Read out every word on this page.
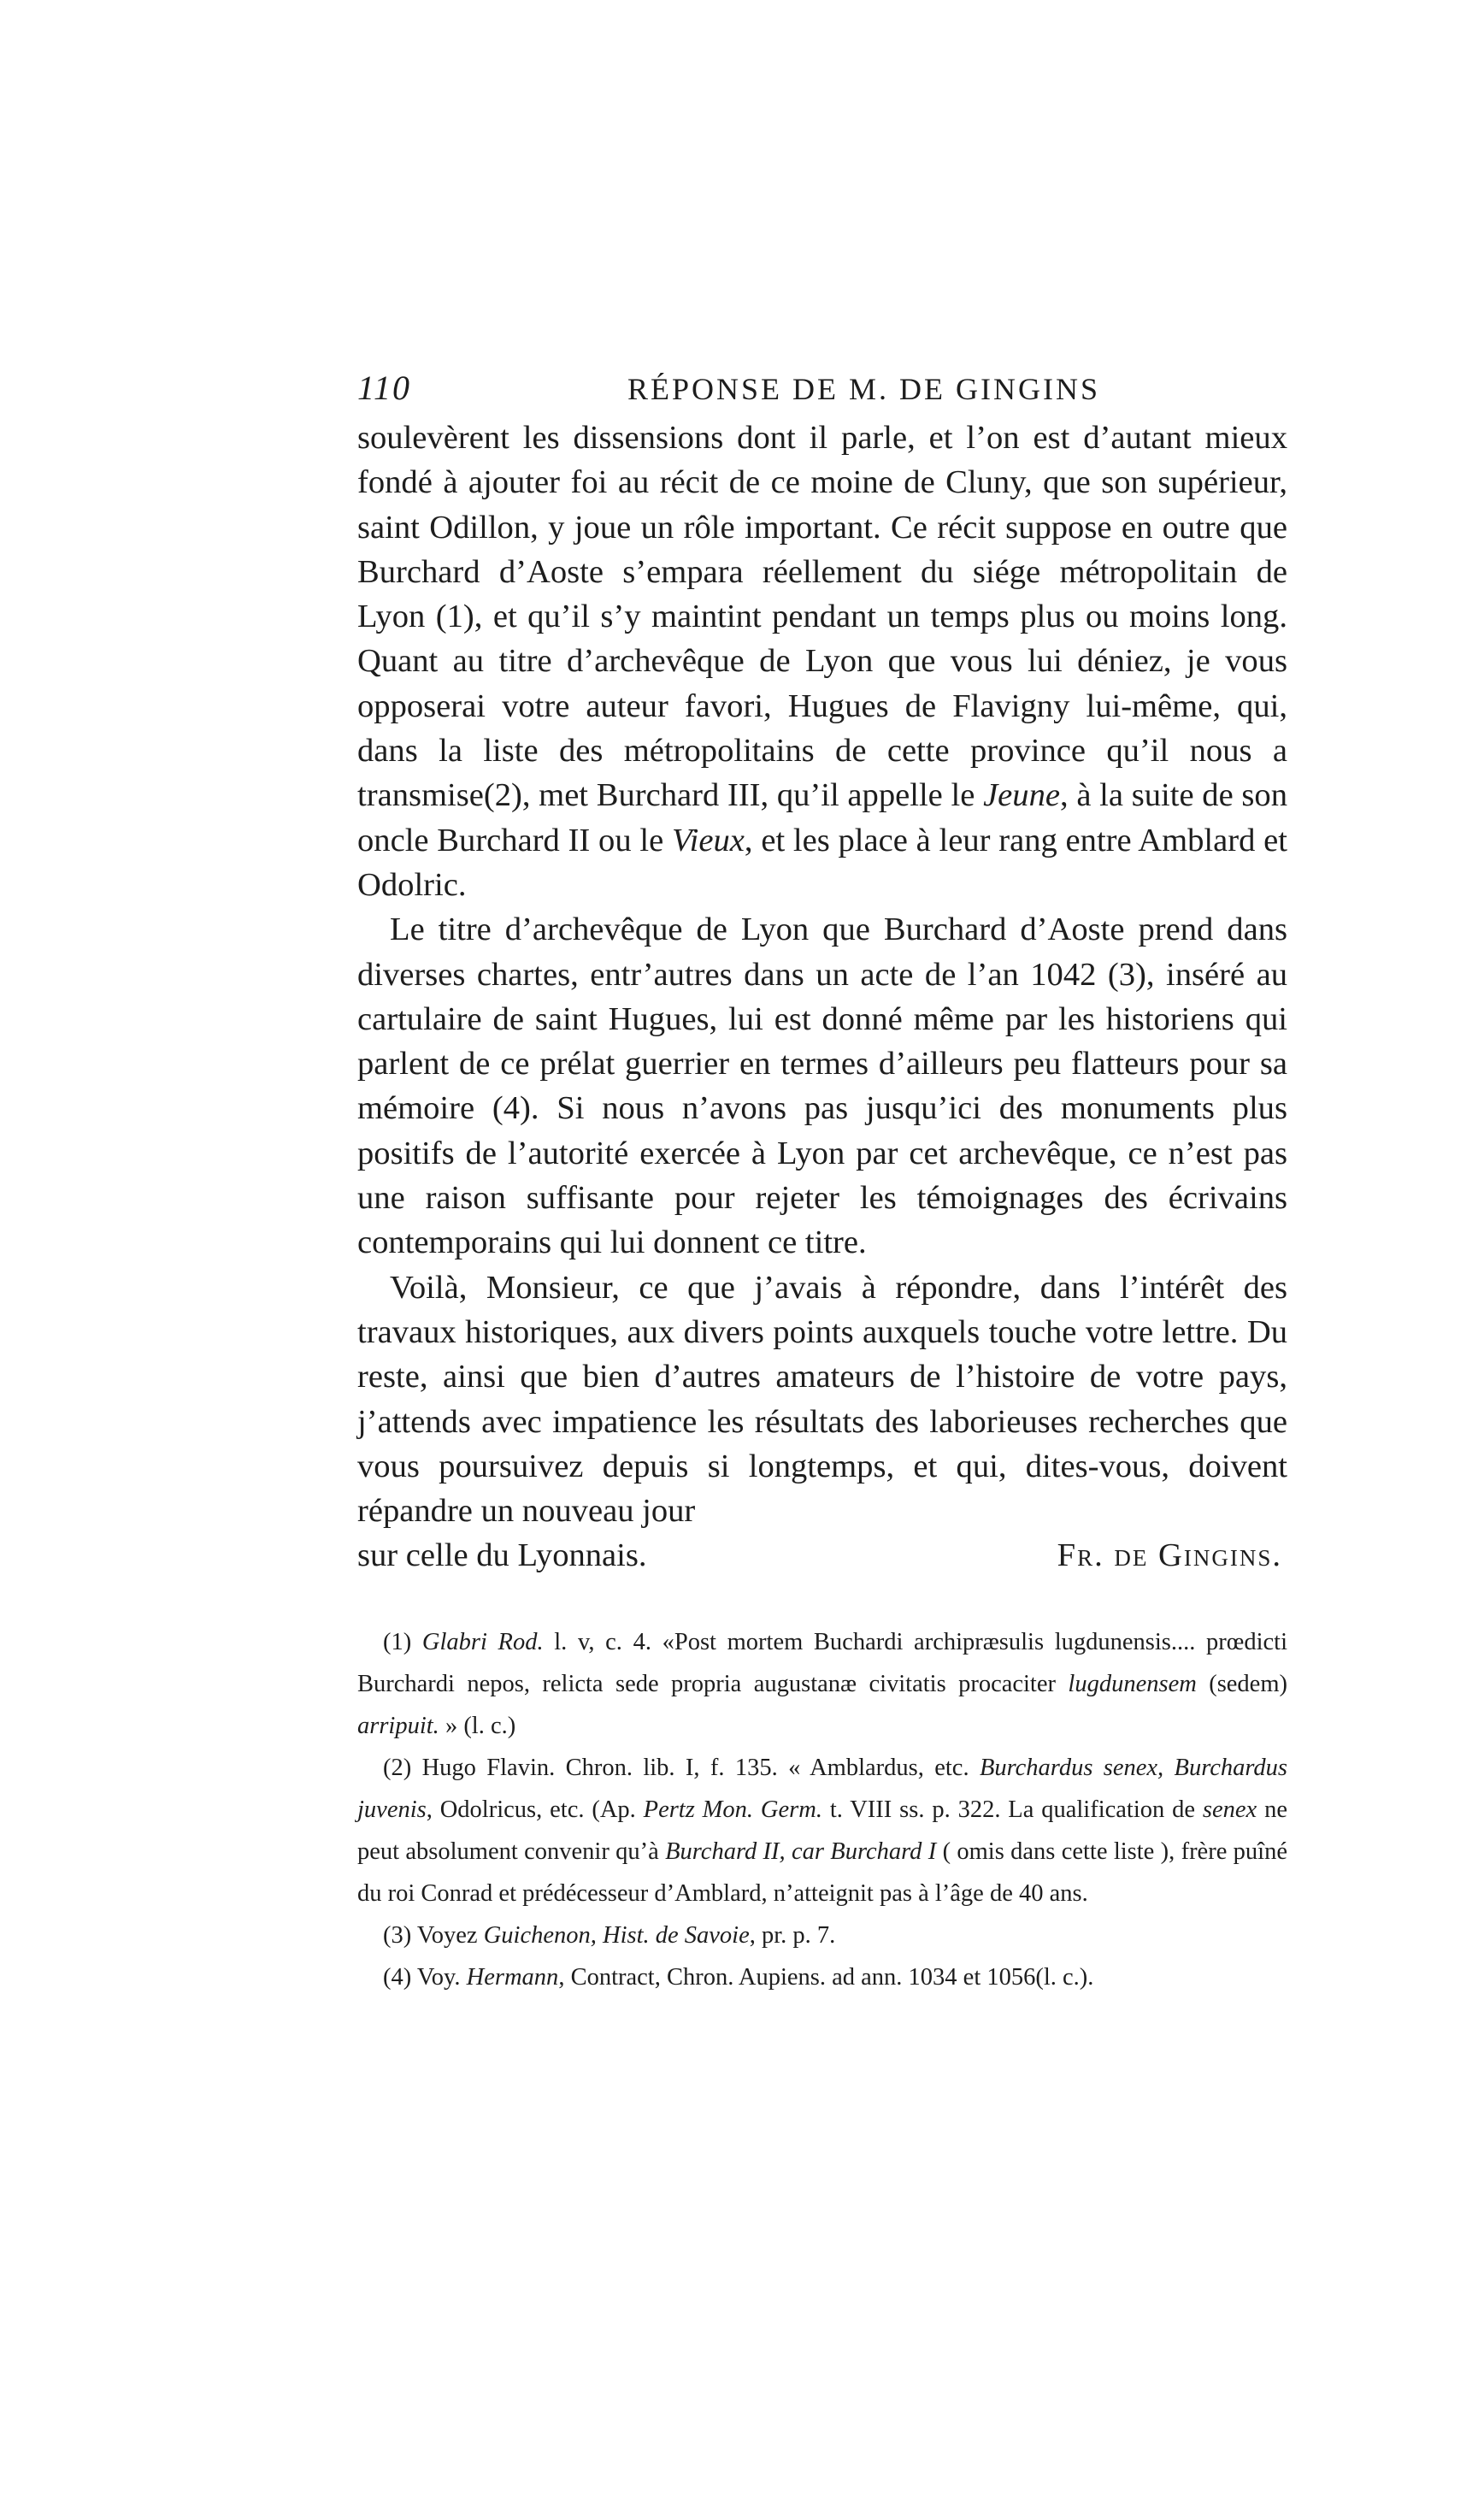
110	RÉPONSE DE M. DE GINGINS

soulevèrent les dissensions dont il parle, et l’on est d’autant mieux fondé à ajouter foi au récit de ce moine de Cluny, que son supérieur, saint Odillon, y joue un rôle important. Ce récit suppose en outre que Burchard d’Aoste s’empara réellement du siége métropolitain de Lyon (1), et qu’il s’y maintint pendant un temps plus ou moins long. Quant au titre d’archevêque de Lyon que vous lui déniez, je vous opposerai votre auteur favori, Hugues de Flavigny lui-même, qui, dans la liste des métropolitains de cette province qu’il nous a transmise(2), met Burchard III, qu’il appelle le Jeune, à la suite de son oncle Burchard II ou le Vieux, et les place à leur rang entre Amblard et Odolric.

Le titre d’archevêque de Lyon que Burchard d’Aoste prend dans diverses chartes, entr’autres dans un acte de l’an 1042 (3), inséré au cartulaire de saint Hugues, lui est donné même par les historiens qui parlent de ce prélat guerrier en termes d’ailleurs peu flatteurs pour sa mémoire (4). Si nous n’avons pas jusqu’ici des monuments plus positifs de l’autorité exercée à Lyon par cet archevêque, ce n’est pas une raison suffisante pour rejeter les témoignages des écrivains contemporains qui lui donnent ce titre.

Voilà, Monsieur, ce que j’avais à répondre, dans l’intérêt des travaux historiques, aux divers points auxquels touche votre lettre. Du reste, ainsi que bien d’autres amateurs de l’histoire de votre pays, j’attends avec impatience les résultats des laborieuses recherches que vous poursuivez depuis si longtemps, et qui, dites-vous, doivent répandre un nouveau jour

sur celle du Lyonnais.	Fr. de Gingins.

(1) Glabri Rod. l. v, c. 4. «Post mortem Buchardi archipræsulis lugdunensis.... prœdicti Burchardi nepos, relicta sede propria augustanæ civitatis procaciter lugdunensem (sedem) arripuit. » (l. c.)

(2) Hugo Flavin. Chron. lib. I, f. 135. « Amblardus, etc. Burchardus senex, Burchardus juvenis, Odolricus, etc. (Ap. Pertz Mon. Germ. t. VIII ss. p. 322. La qualification de senex ne peut absolument convenir qu’à Burchard II, car Burchard I ( omis dans cette liste ), frère puîné du roi Conrad et prédécesseur d’Amblard, n’atteignit pas à l’âge de 40 ans.

(3) Voyez Guichenon, Hist. de Savoie, pr. p. 7.

(4) Voy. Hermann, Contract, Chron. Aupiens. ad ann. 1034 et 1056(l. c.).
